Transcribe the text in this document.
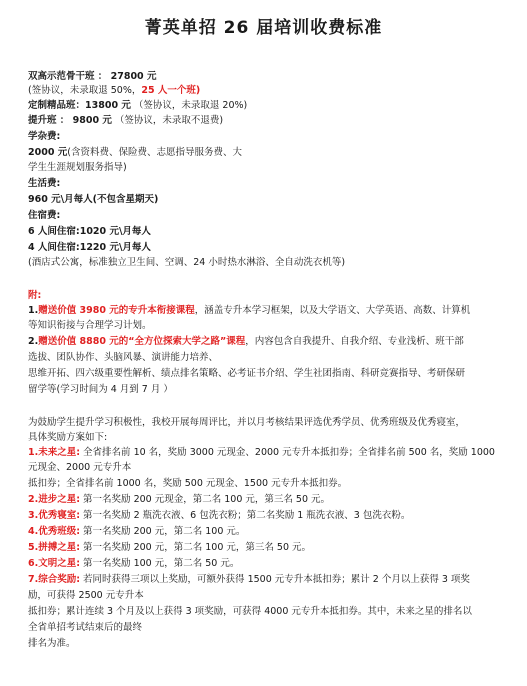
菁英单招 26 届培训收费标准
双高示范骨干班 ： 27800 元
(签协议，未录取退 50%，25 人一个班)
定制精品班：13800 元 （签协议，未录取退 20%)
提升班 ： 9800 元 （签协议，未录取不退费)
学杂费:
2000 元(含资料费、保险费、志愿指导服务费、大
学生生涯规划服务指导)
生活费:
960 元\月每人(不包含星期天)
住宿费:
6 人间住宿:1020 元\月每人
4 人间住宿:1220 元\月每人
(酒店式公寓，标准独立卫生间、空调、24 小时热水淋浴、全自动洗衣机等)
附:
1.赠送价值 3980 元的专升本衔接课程，涵盖专升本学习框架，以及大学语文、大学英语、高数、计算机
等知识衔接与合理学习计划。
2.赠送价值 8880 元的“全方位探索大学之路”课程，内容包含自我提升、自我介绍、专业浅析、班干部
选拔、团队协作、头脑风暴、演讲能力培养、
思维开拓、四六级重要性解析、绩点排名策略、必考证书介绍、学生社团指南、科研竞赛指导、考研保研
留学等(学习时间为 4 月到 7 月 ）
为鼓励学生提升学习积极性，我校开展每周评比，并以月考核结果评选优秀学员、优秀班级及优秀寝室，
具体奖励方案如下:
1.未来之星: 全省排名前 10 名，奖励 3000 元现金、2000 元专升本抵扣券；全省排名前 500 名，奖励 1000
元现金、2000 元专升本
抵扣券；全省排名前 1000 名，奖励 500 元现金、1500 元专升本抵扣券。
2.进步之星: 第一名奖励 200 元现金，第二名 100 元，第三名 50 元。
3.优秀寝室: 第一名奖励 2 瓶洗衣液、6 包洗衣粉；第二名奖励 1 瓶洗衣液、3 包洗衣粉。
4.优秀班级: 第一名奖励 200 元，第二名 100 元。
5.拼搏之星: 第一名奖励 200 元，第二名 100 元，第三名 50 元。
6.文明之星: 第一名奖励 100 元，第二名 50 元。
7.综合奖励: 若同时获得三项以上奖励，可额外获得 1500 元专升本抵扣券；累计 2 个月以上获得 3 项奖
励，可获得 2500 元专升本
抵扣券；累计连续 3 个月及以上获得 3 项奖励，可获得 4000 元专升本抵扣券。其中，未来之星的排名以
全省单招考试结束后的最终
排名为准。
